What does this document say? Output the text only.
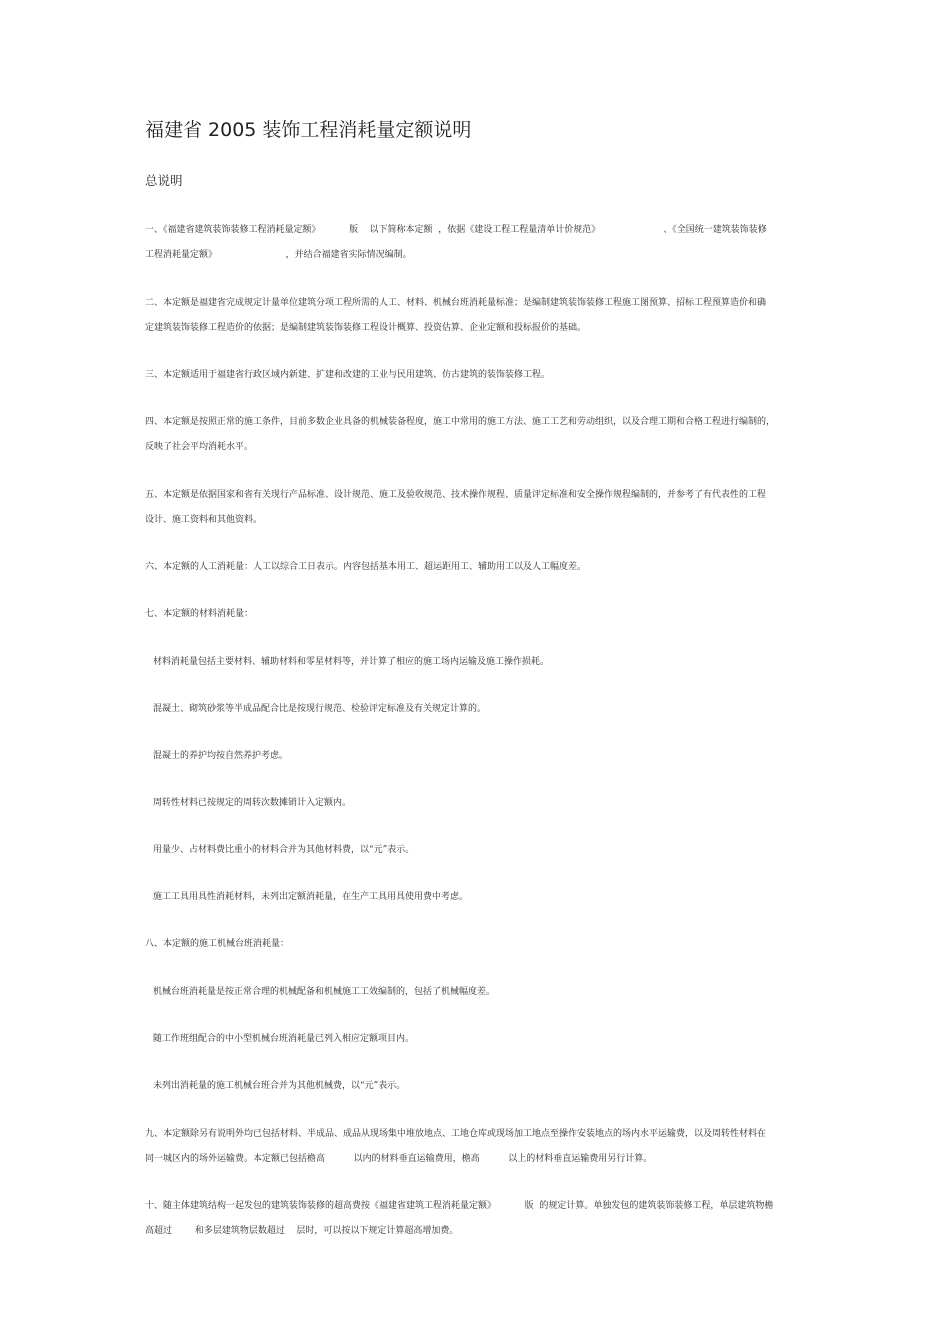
福建省 2005 装饰工程消耗量定额说明
总说明
一、《福建省建筑装饰装修工程消耗量定额》          版    以下简称本定额  ，依据《建设工程工程量清单计价规范》                      、《全国统一建筑装饰装修
工程消耗量定额》                        ，并结合福建省实际情况编制。
二、本定额是福建省完成规定计量单位建筑分项工程所需的人工、材料、机械台班消耗量标准；是编制建筑装饰装修工程施工图预算、招标工程预算造价和确
定建筑装饰装修工程造价的依据；是编制建筑装饰装修工程设计概算、投资估算、企业定额和投标报价的基础。
三、本定额适用于福建省行政区域内新建、扩建和改建的工业与民用建筑、仿古建筑的装饰装修工程。
四、本定额是按照正常的施工条件，目前多数企业具备的机械装备程度，施工中常用的施工方法、施工工艺和劳动组织，以及合理工期和合格工程进行编制的，
反映了社会平均消耗水平。
五、本定额是依据国家和省有关现行产品标准、设计规范、施工及验收规范、技术操作规程、质量评定标准和安全操作规程编制的，并参考了有代表性的工程
设计、施工资料和其他资料。
六、本定额的人工消耗量：人工以综合工日表示。内容包括基本用工、超运距用工、辅助用工以及人工幅度差。
七、本定额的材料消耗量：
材料消耗量包括主要材料、辅助材料和零星材料等，并计算了相应的施工场内运输及施工操作损耗。
混凝土、砌筑砂浆等半成品配合比是按现行规范、检验评定标准及有关规定计算的。
混凝土的养护均按自然养护考虑。
周转性材料已按规定的周转次数摊销计入定额内。
用量少、占材料费比重小的材料合并为其他材料费，以“元”表示。
施工工具用具性消耗材料，未列出定额消耗量，在生产工具用具使用费中考虑。
八、本定额的施工机械台班消耗量：
机械台班消耗量是按正常合理的机械配备和机械施工工效编制的，包括了机械幅度差。
随工作班组配合的中小型机械台班消耗量已列入相应定额项目内。
未列出消耗量的施工机械台班合并为其他机械费，以“元”表示。
九、本定额除另有说明外均已包括材料、半成品、成品从现场集中堆放地点、工地仓库或现场加工地点至操作安装地点的场内水平运输费，以及周转性材料在
同一城区内的场外运输费。本定额已包括檐高          以内的材料垂直运输费用，檐高          以上的材料垂直运输费用另行计算。
十、随主体建筑结构一起发包的建筑装饰装修的超高费按《福建省建筑工程消耗量定额》          版  的规定计算。单独发包的建筑装饰装修工程，单层建筑物檐
高超过        和多层建筑物层数超过    层时，可以按以下规定计算超高增加费。
